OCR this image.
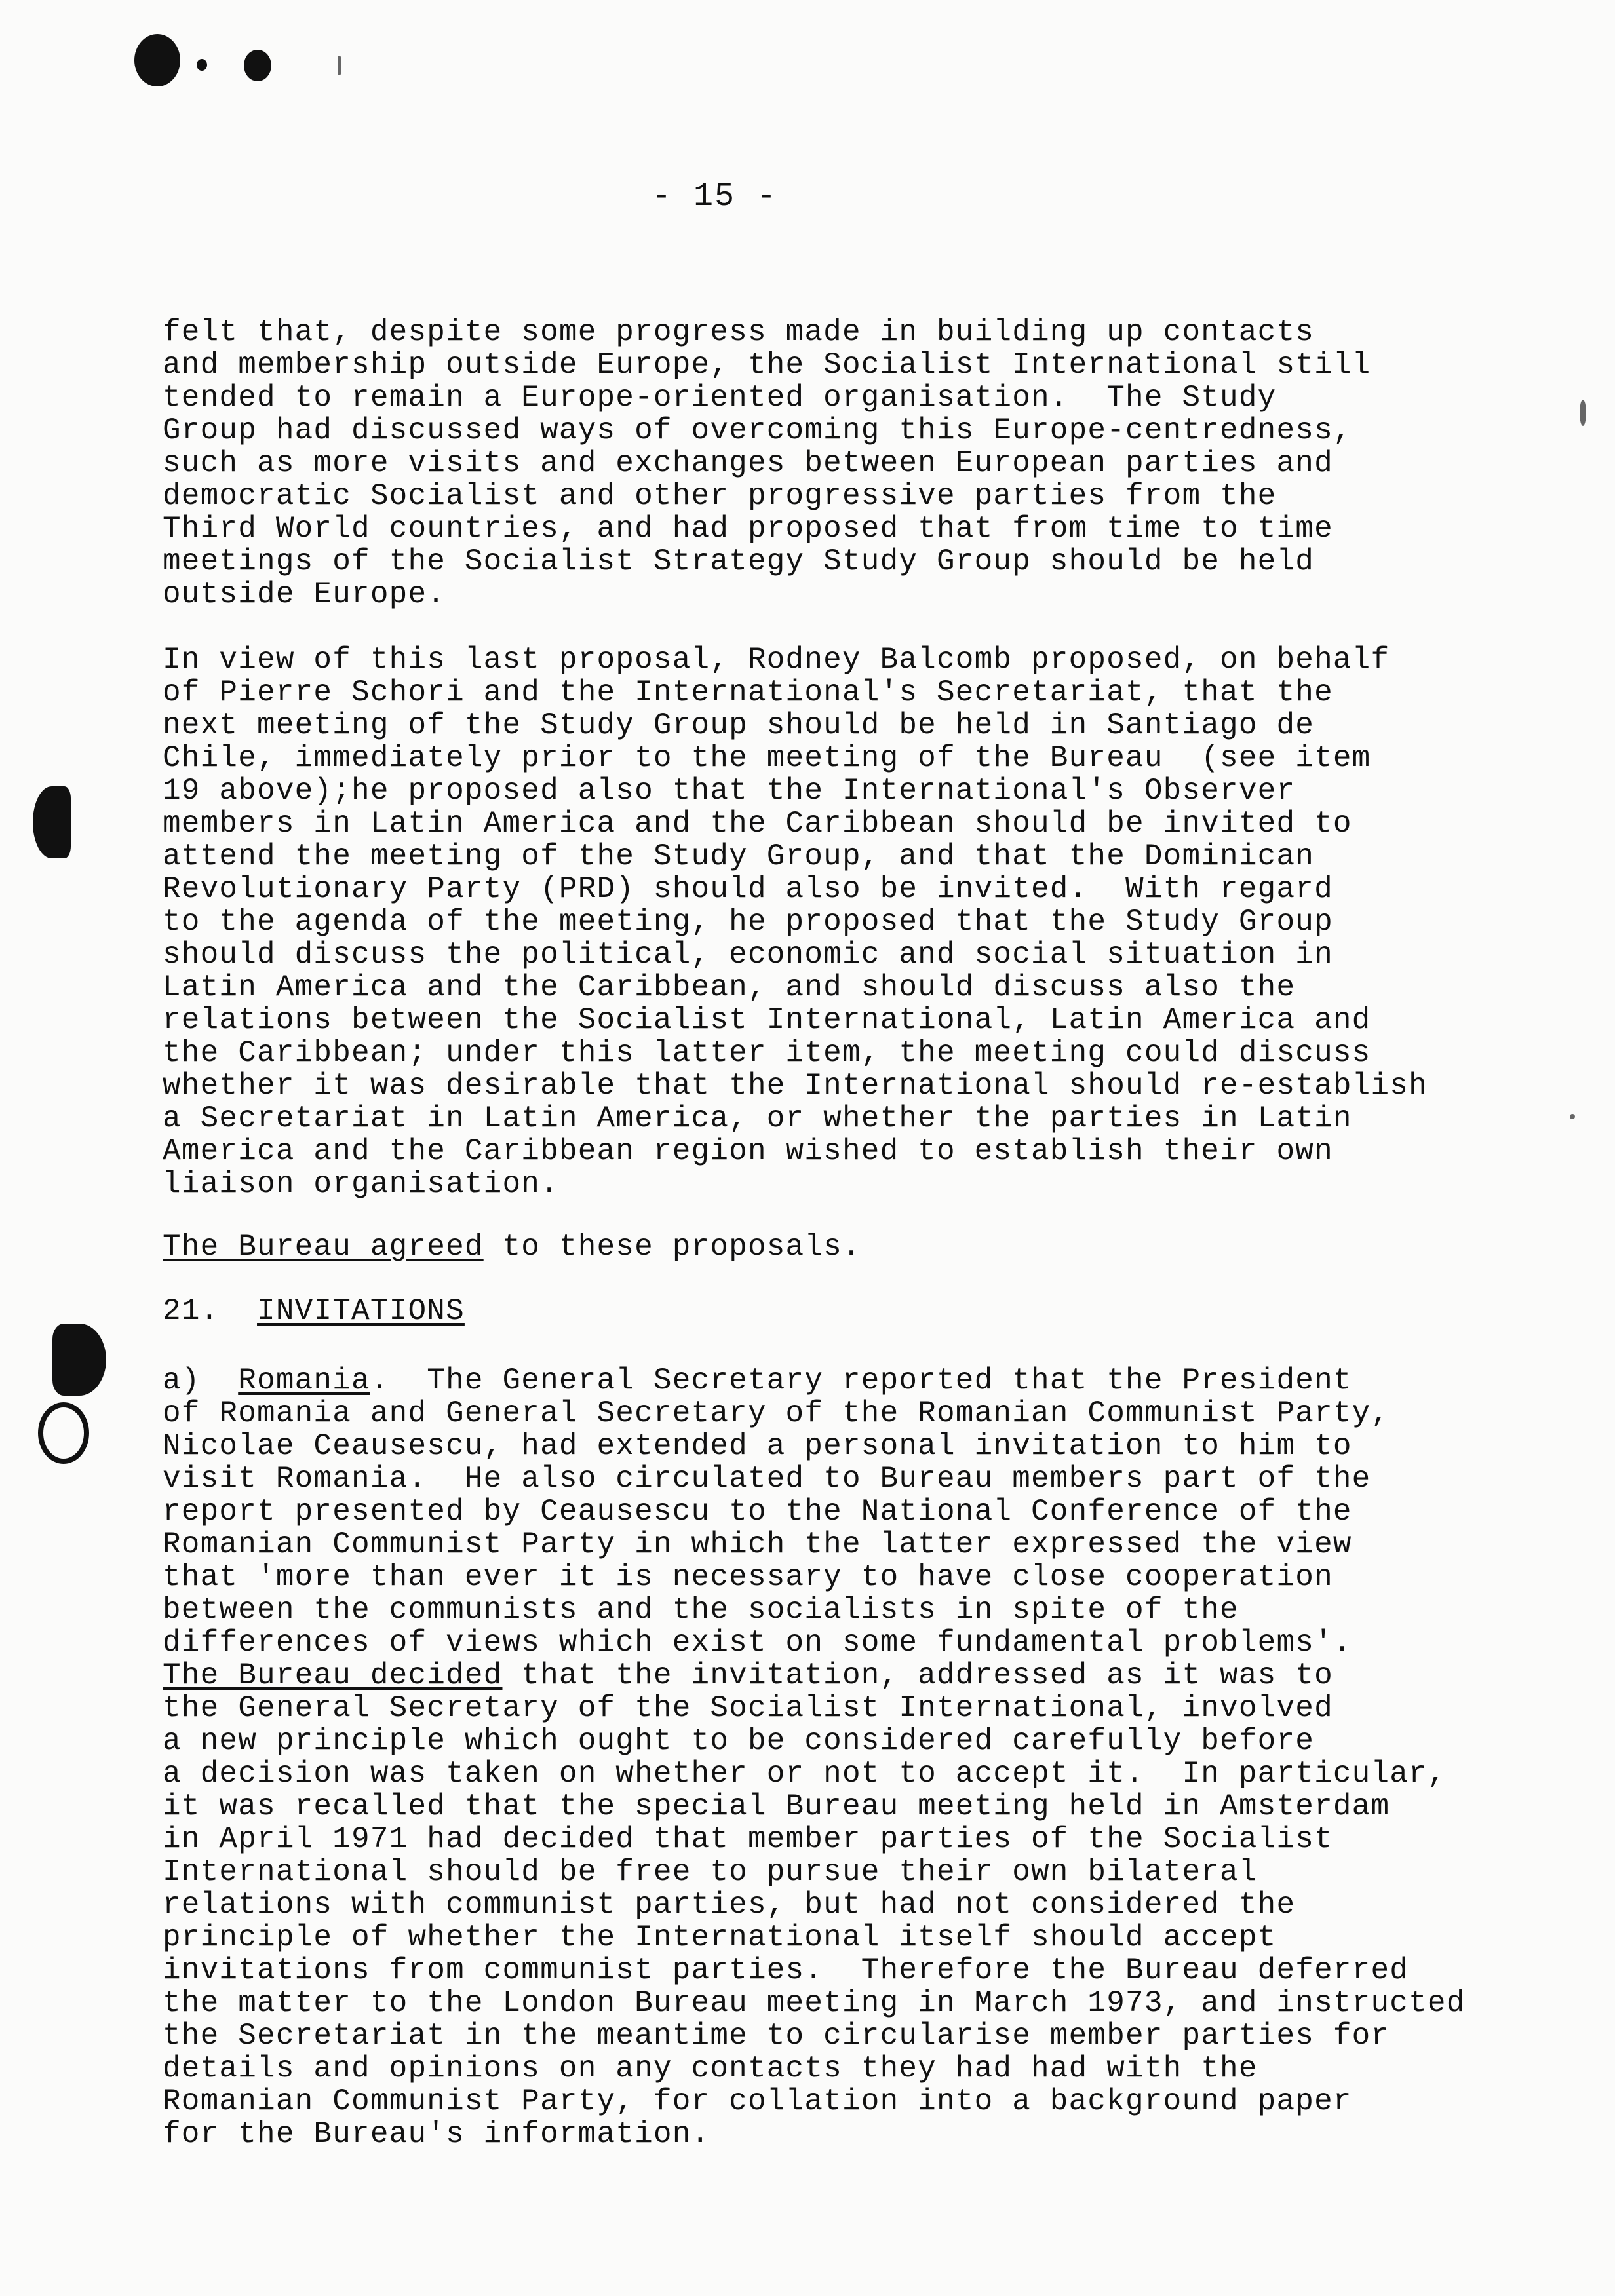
- 15 -
felt that, despite some progress made in building up contacts
and membership outside Europe, the Socialist International still
tended to remain a Europe-oriented organisation.  The Study
Group had discussed ways of overcoming this Europe-centredness,
such as more visits and exchanges between European parties and
democratic Socialist and other progressive parties from the
Third World countries, and had proposed that from time to time
meetings of the Socialist Strategy Study Group should be held
outside Europe.
In view of this last proposal, Rodney Balcomb proposed, on behalf
of Pierre Schori and the International's Secretariat, that the
next meeting of the Study Group should be held in Santiago de
Chile, immediately prior to the meeting of the Bureau  (see item
19 above);he proposed also that the International's Observer
members in Latin America and the Caribbean should be invited to
attend the meeting of the Study Group, and that the Dominican
Revolutionary Party (PRD) should also be invited.  With regard
to the agenda of the meeting, he proposed that the Study Group
should discuss the political, economic and social situation in
Latin America and the Caribbean, and should discuss also the
relations between the Socialist International, Latin America and
the Caribbean; under this latter item, the meeting could discuss
whether it was desirable that the International should re-establish
a Secretariat in Latin America, or whether the parties in Latin
America and the Caribbean region wished to establish their own
liaison organisation.
The Bureau agreed to these proposals.
21. INVITATIONS
a)  Romania.  The General Secretary reported that the President
of Romania and General Secretary of the Romanian Communist Party,
Nicolae Ceausescu, had extended a personal invitation to him to
visit Romania.  He also circulated to Bureau members part of the
report presented by Ceausescu to the National Conference of the
Romanian Communist Party in which the latter expressed the view
that 'more than ever it is necessary to have close cooperation
between the communists and the socialists in spite of the
differences of views which exist on some fundamental problems'.
The Bureau decided that the invitation, addressed as it was to
the General Secretary of the Socialist International, involved
a new principle which ought to be considered carefully before
a decision was taken on whether or not to accept it.  In particular,
it was recalled that the special Bureau meeting held in Amsterdam
in April 1971 had decided that member parties of the Socialist
International should be free to pursue their own bilateral
relations with communist parties, but had not considered the
principle of whether the International itself should accept
invitations from communist parties.  Therefore the Bureau deferred
the matter to the London Bureau meeting in March 1973, and instructed
the Secretariat in the meantime to circularise member parties for
details and opinions on any contacts they had had with the
Romanian Communist Party, for collation into a background paper
for the Bureau's information.
